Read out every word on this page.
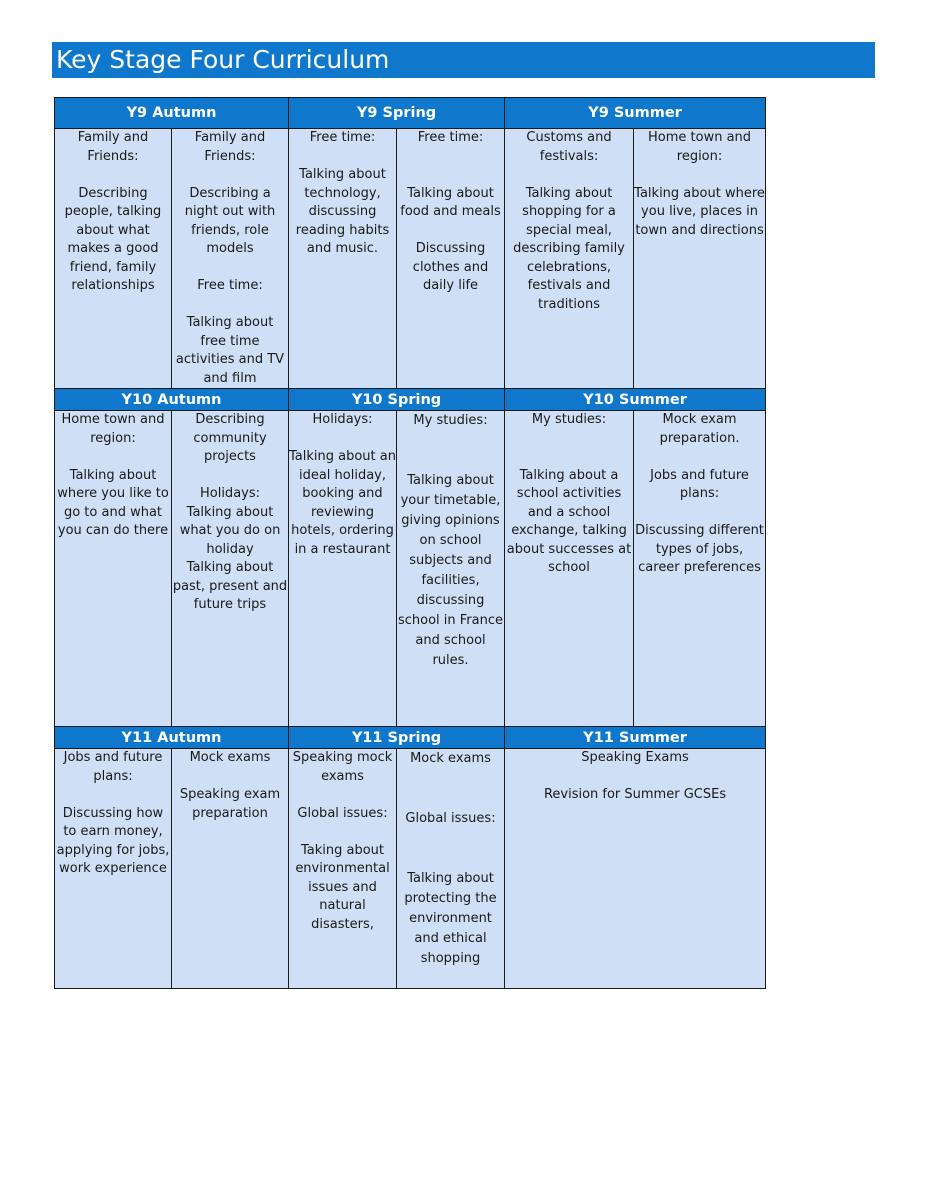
Key Stage Four Curriculum
Y9 Autumn		Y9 Spring		Y9 Summer	
Family and Friends:

Describing people, talking about what makes a good friend, family relationships	Family and Friends:

Describing a night out with friends, role models

Free time:

Talking about free time activities and TV and film	Free time:

Talking about technology, discussing reading habits and music.	Free time:

Talking about food and meals

Discussing clothes and daily life	Customs and festivals:

Talking about shopping for a special meal, describing family celebrations, festivals and traditions	Home town and region:

Talking about where you live, places in town and directions
Y10 Autumn		Y10 Spring		Y10 Summer	
Home town and region:

Talking about where you like to go to and what you can do there	Describing community projects

Holidays:
Talking about what you do on holiday
Talking about past, present and future trips	Holidays:

Talking about an ideal holiday, booking and reviewing hotels, ordering in a restaurant	My studies:

Talking about your timetable, giving opinions on school subjects and facilities, discussing school in France and school rules.	My studies:

Talking about a school activities and a school exchange, talking about successes at school	Mock exam preparation.

Jobs and future plans:

Discussing different types of jobs, career preferences
Y11 Autumn		Y11 Spring		Y11 Summer	
Jobs and future plans:

Discussing how to earn money, applying for jobs, work experience	Mock exams

Speaking exam preparation	Speaking mock exams

Global issues:

Taking about environmental issues and natural disasters,	Mock exams

Global issues:

Talking about protecting the environment and ethical shopping	Speaking Exams

Revision for Summer GCSEs	
